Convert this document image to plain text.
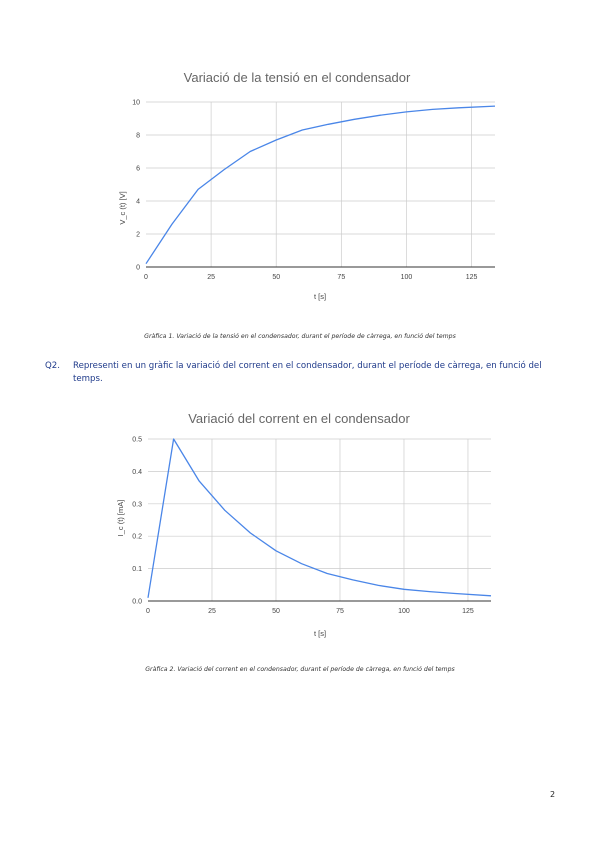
Variació de la tensió en el condensador
0
2
4
6
8
10
0	25	50	75	100	125
t [s]
V_c (t) [V]
Gràfica 1. Variació de la tensió en el condensador, durant el període de càrrega, en funció del temps
Q2. Representi en un gràfic la variació del corrent en el condensador, durant el període de càrrega, en funció del temps.
Variació del corrent en el condensador
0.0
0.1
0.2
0.3
0.4
0.5
0	25	50	75	100	125
t [s]
I_c (t) [mA]
Gràfica 2. Variació del corrent en el condensador, durant el període de càrrega, en funció del temps
2
